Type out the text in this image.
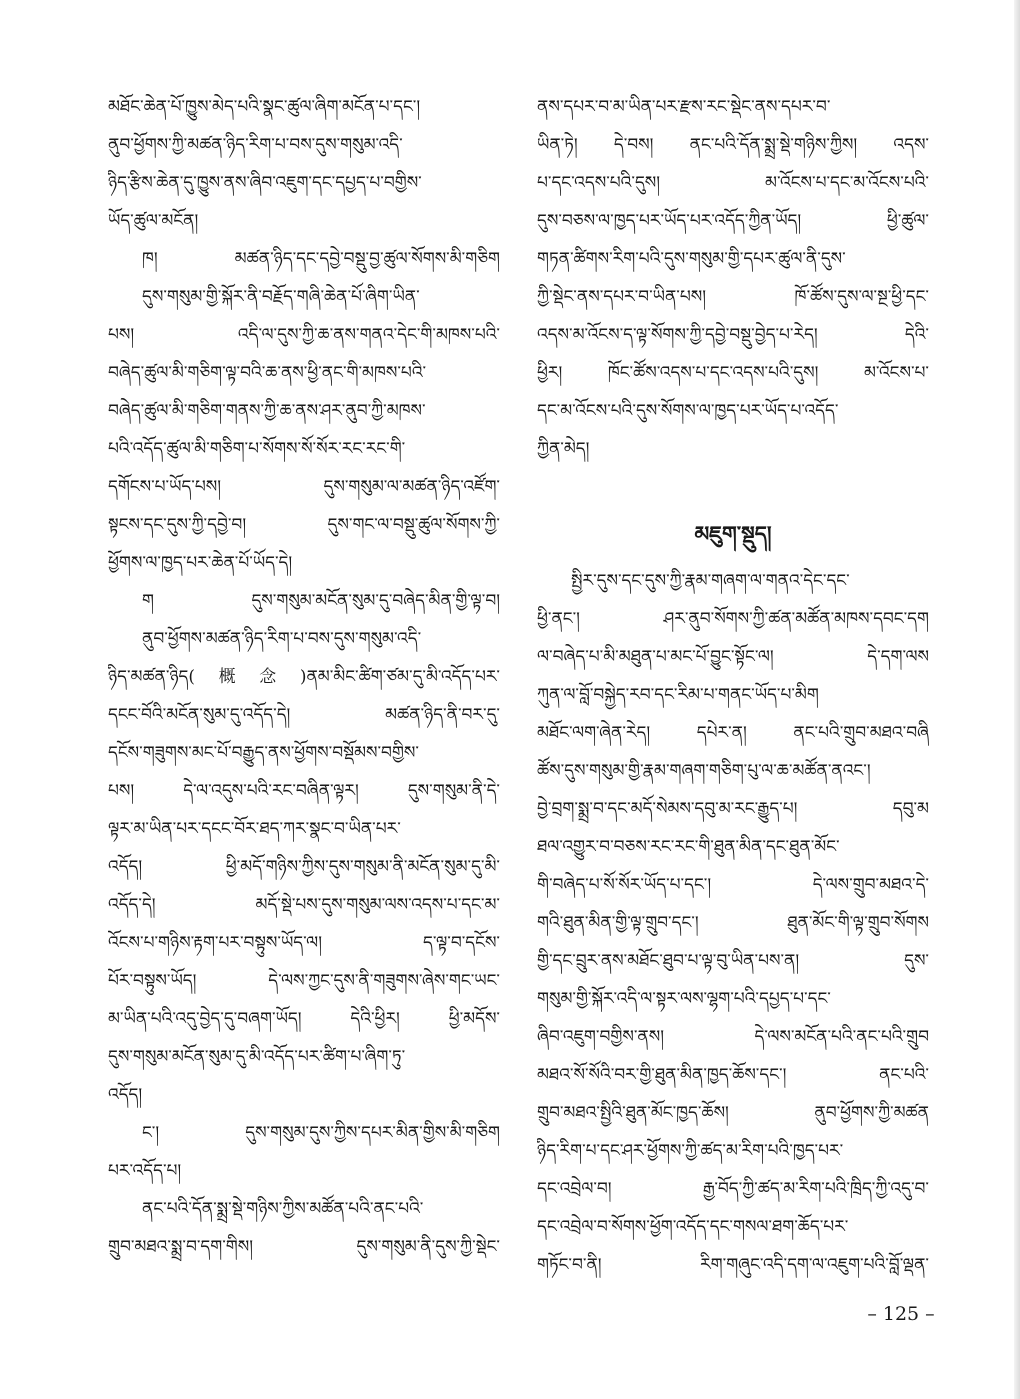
མཐོང་ཆེན་པོ་ཁྱུས་མེད་པའི་སྣང་ཚུལ་ཞིག་མངོན་པ་དང་།
ནུབ་ཕྱོགས་ཀྱི་མཚན་ཉིད་རིག་པ་བས་དུས་གསུམ་འདི་
ཉིད་རྩིས་ཆེན་དུ་ཁྱུས་ནས་ཞིབ་འཇུག་དང་དཔྱད་པ་བགྱིས་
ཡོད་ཚུལ་མངོན།
ཁ། མཚན་ཉིད་དང་དབྱེ་བསྡུ་བྱ་ཚུལ་སོགས་མི་གཅིག
དུས་གསུམ་གྱི་སྐོར་ནི་བརྗོད་གཞི་ཆེན་པོ་ཞིག་ཡིན་
པས། འདི་ལ་དུས་ཀྱི་ཆ་ནས་གནའ་དེང་གི་མཁས་པའི་
བཞེད་ཚུལ་མི་གཅིག་ལྟ་བའི་ཆ་ནས་ཕྱི་ནང་གི་མཁས་པའི་
བཞེད་ཚུལ་མི་གཅིག་གནས་ཀྱི་ཆ་ནས་ཤར་ནུབ་ཀྱི་མཁས་
པའི་འདོད་ཚུལ་མི་གཅིག་པ་སོགས་སོ་སོར་རང་རང་གི་
དགོངས་པ་ཡོད་པས། དུས་གསུམ་ལ་མཚན་ཉིད་འཛོག་
སྟངས་དང་དུས་ཀྱི་དབྱེ་བ། དུས་གང་ལ་བསྡུ་ཚུལ་སོགས་ཀྱི་
ཕྱོགས་ལ་ཁྱད་པར་ཆེན་པོ་ཡོད་དེ།
ག དུས་གསུམ་མངོན་སུམ་དུ་བཞེད་མིན་གྱི་ལྟ་བ།
ནུབ་ཕྱོགས་མཚན་ཉིད་རིག་པ་བས་དུས་གསུམ་འདི་
ཉིད་མཚན་ཉིད(概念)ནམ་མིང་ཚིག་ཙམ་དུ་མི་འདོད་པར་
དངང་བོའི་མངོན་སུམ་དུ་འདོད་དེ། མཚན་ཉིད་ནི་བར་དུ་
དངོས་གཟུགས་མང་པོ་བརྒྱུད་ནས་ཕྱོགས་བསྡོམས་བགྱིས་
པས། དེ་ལ་འདུས་པའི་རང་བཞིན་ལྟར། དུས་གསུམ་ནི་དེ་
ལྟར་མ་ཡིན་པར་དངང་བོར་ཐད་ཀར་སྣང་བ་ཡིན་པར་
འདོད། ཕྱི་མདོ་གཉིས་ཀྱིས་དུས་གསུམ་ནི་མངོན་སུམ་དུ་མི་
འདོད་དེ། མདོ་སྡེ་པས་དུས་གསུམ་ལས་འདས་པ་དང་མ་
འོངས་པ་གཉིས་རྟག་པར་བསྟུས་ཡོད་ལ། ད་ལྟ་བ་དངོས་
པོར་བསྟུས་ཡོད། དེ་ལས་ཀྱང་དུས་ནི་གཟུགས་ཞེས་གང་ཡང་
མ་ཡིན་པའི་འདུ་བྱེད་དུ་བཞག་ཡོད། དེའི་ཕྱིར། ཕྱི་མདོས་
དུས་གསུམ་མངོན་སུམ་དུ་མི་འདོད་པར་ཚིག་པ་ཞིག་ཏུ་
འདོད།
ང་། དུས་གསུམ་དུས་ཀྱིས་དཔར་མིན་གྱིས་མི་གཅིག
པར་འདོད་པ།
ནང་པའི་དོན་སྨྲ་སྡེ་གཉིས་ཀྱིས་མཚོན་པའི་ནང་པའི་
གྲུབ་མཐའ་སྨྲ་བ་དག་གིས། དུས་གསུམ་ནི་དུས་ཀྱི་སྡེང་
ནས་དཔར་བ་མ་ཡིན་པར་རྫས་རང་སྡེང་ནས་དཔར་བ་
ཡིན་ཏེ། དེ་བས། ནང་པའི་དོན་སྨྲ་སྡེ་གཉིས་ཀྱིས། འདས་
པ་དང་འདས་པའི་དུས། མ་འོངས་པ་དང་མ་འོངས་པའི་
དུས་བཅས་ལ་ཁྱད་པར་ཡོད་པར་འདོད་ཀྱིན་ཡོད། ཕྱི་ཚུལ་
གཏན་ཚིགས་རིག་པའི་དུས་གསུམ་གྱི་དཔར་ཚུལ་ནི་དུས་
ཀྱི་སྡེང་ནས་དཔར་བ་ཡིན་པས། ཁོ་ཚོས་དུས་ལ་སྔ་ཕྱི་དང་
འདས་མ་འོངས་ད་ལྟ་སོགས་ཀྱི་དབྱེ་བསྡུ་བྱེད་པ་རེད། དེའི་
ཕྱིར། ཁོང་ཚོས་འདས་པ་དང་འདས་པའི་དུས། མ་འོངས་པ་
དང་མ་འོངས་པའི་དུས་སོགས་ལ་ཁྱད་པར་ཡོད་པ་འདོད་
ཀྱིན་མེད།
མཇུག་སྡུད།
སྤྱིར་དུས་དང་དུས་ཀྱི་རྣམ་གཞག་ལ་གནའ་དེང་དང་
ཕྱི་ནང་། ཤར་ནུབ་སོགས་ཀྱི་ཚན་མཚོན་མཁས་དབང་དག
ལ་བཞེད་པ་མི་མཐུན་པ་མང་པོ་བྱུང་སྟོང་ལ། དེ་དག་ལས
ཀུན་ལ་བློ་བསྐྱེད་རབ་དང་རིམ་པ་གནང་ཡོད་པ་མིག
མཐོང་ལག་ཞེན་རེད། དཔེར་ན། ནང་པའི་གྲུབ་མཐའ་བཞི
ཚོས་དུས་གསུམ་གྱི་རྣམ་གཞག་གཅིག་པུ་ལ་ཆ་མཚོན་ནའང་།
བྱེ་བྲག་སྨྲ་བ་དང་མདོ་སེམས་དབུ་མ་རང་རྒྱུད་པ། དབུ་མ
ཐལ་འགྱུར་བ་བཅས་རང་རང་གི་ཐུན་མིན་དང་ཐུན་མོང་
གི་བཞེད་པ་སོ་སོར་ཡོད་པ་དང་། དེ་ལས་གྲུབ་མཐའ་དེ་
གའི་ཐུན་མིན་གྱི་ལྟ་གྲུབ་དང་། ཐུན་མོང་གི་ལྟ་གྲུབ་སོགས
གྱི་དང་བྲུར་ནས་མཐོང་ཐུབ་པ་ལྟ་བུ་ཡིན་པས་ན། དུས་
གསུམ་གྱི་སྐོར་འདི་ལ་སྟར་ལས་ལྷག་པའི་དཔྱད་པ་དང་
ཞིབ་འཇུག་བགྱིས་ནས། དེ་ལས་མངོན་པའི་ནང་པའི་གྲུབ
མཐའ་སོ་སོའི་བར་གྱི་ཐུན་མིན་ཁྱད་ཆོས་དང་། ནང་པའི་
གྲུབ་མཐའ་སྤྱིའི་ཐུན་མོང་ཁྱད་ཆོས། ནུབ་ཕྱོགས་ཀྱི་མཚན
ཉིད་རིག་པ་དང་ཤར་ཕྱོགས་ཀྱི་ཚད་མ་རིག་པའི་ཁྱད་པར་
དང་འབྲེལ་བ། རྒྱ་བོད་ཀྱི་ཚད་མ་རིག་པའི་ཁྲིད་ཀྱི་འདུ་བ་
དང་འབྲེལ་བ་སོགས་ཕྱོག་འདོད་དང་གསལ་ཐག་ཆོད་པར་
གཏོང་བ་ནི། རིག་གཞུང་འདི་དག་ལ་འཇུག་པའི་བློ་ལྡན་
– 125 –
